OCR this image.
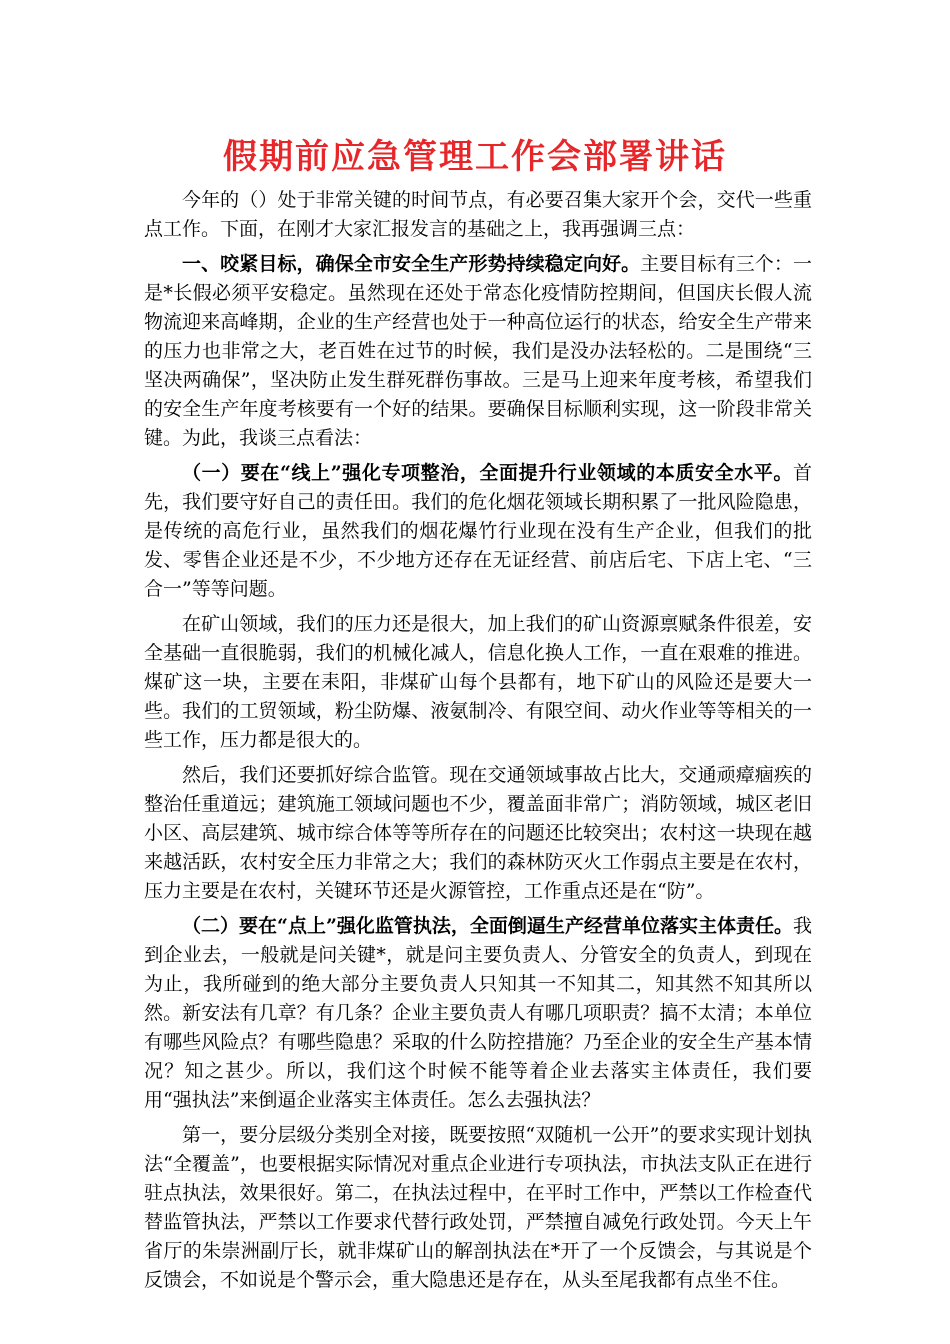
假期前应急管理工作会部署讲话

今年的（）处于非常关键的时间节点，有必要召集大家开个会，交代一些重点工作。下面，在刚才大家汇报发言的基础之上，我再强调三点：

一、咬紧目标，确保全市安全生产形势持续稳定向好。主要目标有三个：一是*长假必须平安稳定。虽然现在还处于常态化疫情防控期间，但国庆长假人流物流迎来高峰期，企业的生产经营也处于一种高位运行的状态，给安全生产带来的压力也非常之大，老百姓在过节的时候，我们是没办法轻松的。二是围绕“三坚决两确保”，坚决防止发生群死群伤事故。三是马上迎来年度考核，希望我们的安全生产年度考核要有一个好的结果。要确保目标顺利实现，这一阶段非常关键。为此，我谈三点看法：

（一）要在“线上”强化专项整治，全面提升行业领域的本质安全水平。首先，我们要守好自己的责任田。我们的危化烟花领域长期积累了一批风险隐患，是传统的高危行业，虽然我们的烟花爆竹行业现在没有生产企业，但我们的批发、零售企业还是不少，不少地方还存在无证经营、前店后宅、下店上宅、“三合一”等等问题。

在矿山领域，我们的压力还是很大，加上我们的矿山资源禀赋条件很差，安全基础一直很脆弱，我们的机械化减人，信息化换人工作，一直在艰难的推进。煤矿这一块，主要在耒阳，非煤矿山每个县都有，地下矿山的风险还是要大一些。我们的工贸领域，粉尘防爆、液氨制冷、有限空间、动火作业等等相关的一些工作，压力都是很大的。

然后，我们还要抓好综合监管。现在交通领域事故占比大，交通顽瘴痼疾的整治任重道远；建筑施工领域问题也不少，覆盖面非常广；消防领域，城区老旧小区、高层建筑、城市综合体等等所存在的问题还比较突出；农村这一块现在越来越活跃，农村安全压力非常之大；我们的森林防灭火工作弱点主要是在农村，压力主要是在农村，关键环节还是火源管控，工作重点还是在“防”。

（二）要在“点上”强化监管执法，全面倒逼生产经营单位落实主体责任。我到企业去，一般就是问关键*，就是问主要负责人、分管安全的负责人，到现在为止，我所碰到的绝大部分主要负责人只知其一不知其二，知其然不知其所以然。新安法有几章？有几条？企业主要负责人有哪几项职责？搞不太清；本单位有哪些风险点？有哪些隐患？采取的什么防控措施？乃至企业的安全生产基本情况？知之甚少。所以，我们这个时候不能等着企业去落实主体责任，我们要用“强执法”来倒逼企业落实主体责任。怎么去强执法？

第一，要分层级分类别全对接，既要按照“双随机一公开”的要求实现计划执法“全覆盖”，也要根据实际情况对重点企业进行专项执法，市执法支队正在进行驻点执法，效果很好。第二，在执法过程中，在平时工作中，严禁以工作检查代替监管执法，严禁以工作要求代替行政处罚，严禁擅自减免行政处罚。今天上午省厅的朱崇洲副厅长，就非煤矿山的解剖执法在*开了一个反馈会，与其说是个反馈会，不如说是个警示会，重大隐患还是存在，从头至尾我都有点坐不住。
